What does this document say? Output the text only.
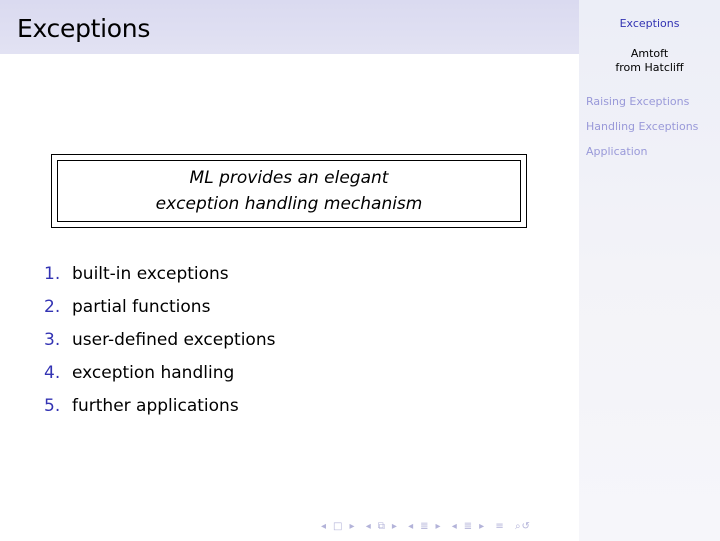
Exceptions	Exceptions
Amtoft
from Hatcliff
Raising Exceptions
Handling Exceptions
Application
ML provides an elegant
exception handling mechanism
1. built-in exceptions
2. partial functions
3. user-defined exceptions
4. exception handling
5. further applications
◂ □ ▸ ◂ ⧉ ▸ ◂ ≣ ▸ ◂ ≣ ▸ ≡ ⌕↺
